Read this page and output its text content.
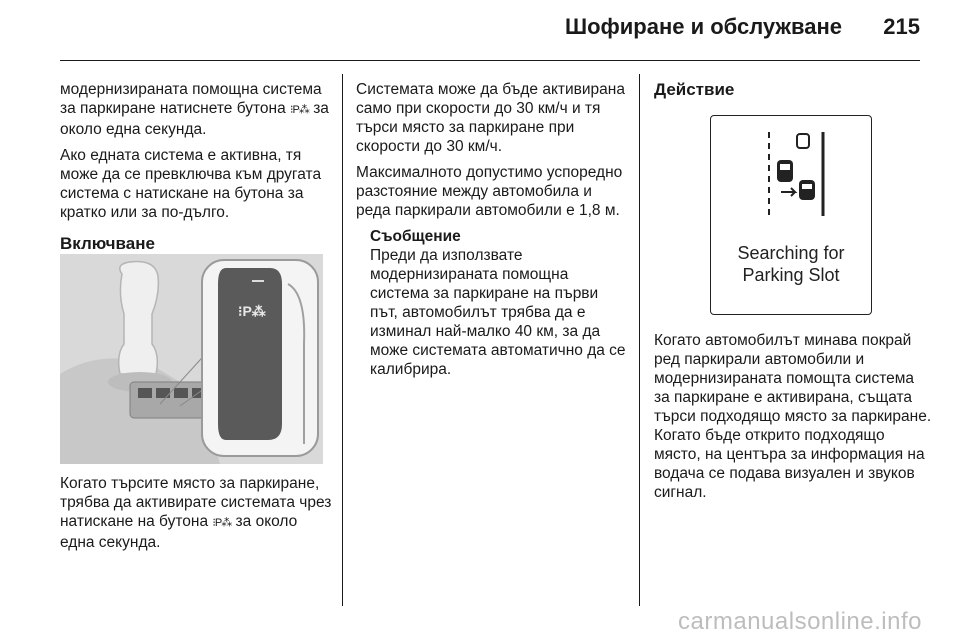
Шофиране и обслужване 215

модернизираната помощна система за паркиране натиснете бутона ⁝P⁂ за около една секунда.

Ако едната система е активна, тя може да се превключва към другата система с натискане на бутона за кратко или за по-дълго.

Включване
⁝P⁂
Когато търсите място за паркиране, трябва да активирате системата чрез натискане на бутона ⁝P⁂ за около една секунда.

Системата може да бъде активирана само при скорости до 30 км/ч и тя търси място за паркиране при скорости до 30 км/ч.

Максималното допустимо успоредно разстояние между автомобила и реда паркирали автомобили е 1,8 м.

Съобщение
Преди да използвате модернизираната помощна система за паркиране на първи път, автомобилът трябва да е изминал най-малко 40 км, за да може системата автоматично да се калибрира.
Действие
Searching for
Parking Slot
Когато автомобилът минава покрай ред паркирали автомобили и модернизираната помощта система за паркиране е активирана, същата търси подходящо място за паркиране. Когато бъде открито подходящо място, на центъра за информация на водача се подава визуален и звуков сигнал.
carmanualsonline.info
